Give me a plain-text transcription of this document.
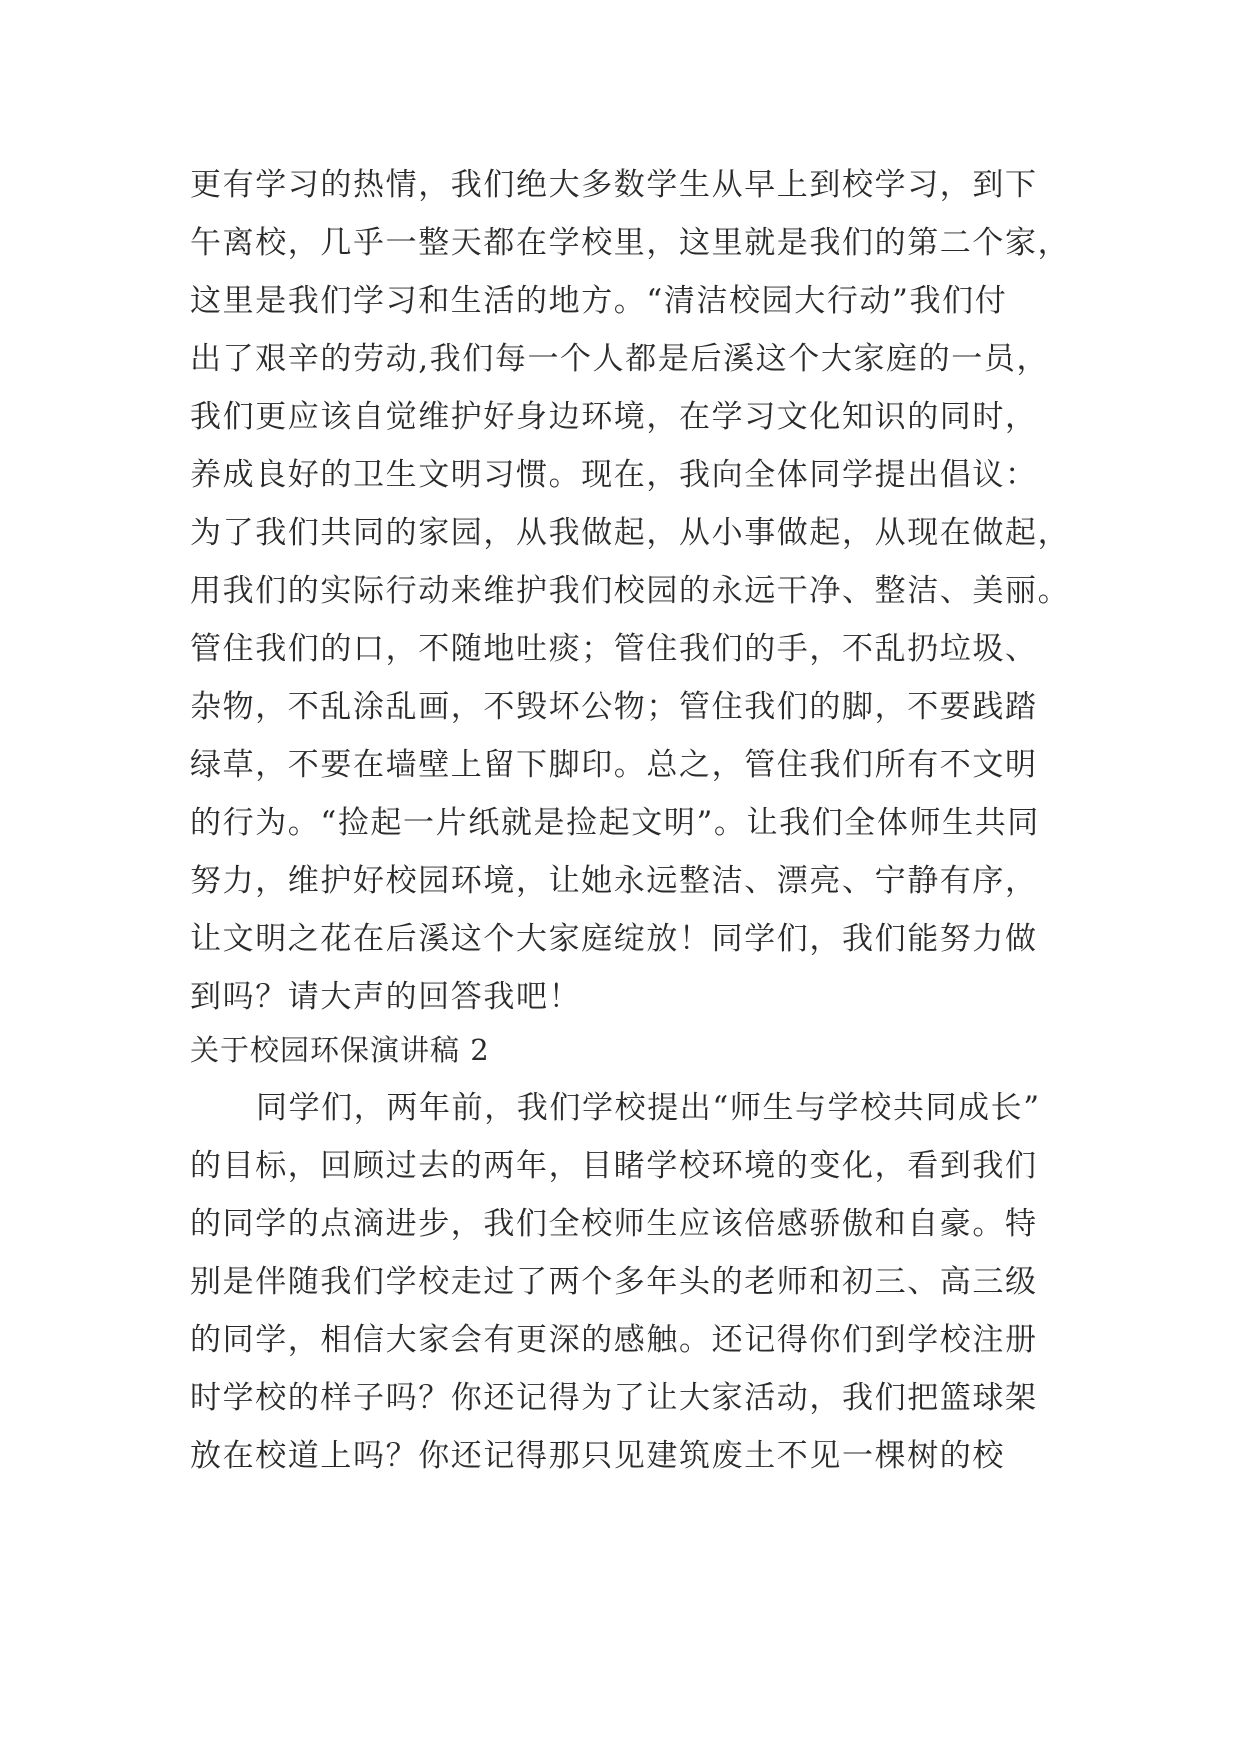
更有学习的热情，我们绝大多数学生从早上到校学习，到下
午离校，几乎一整天都在学校里，这里就是我们的第二个家，
这里是我们学习和生活的地方。“清洁校园大行动”我们付
出了艰辛的劳动,我们每一个人都是后溪这个大家庭的一员，
我们更应该自觉维护好身边环境，在学习文化知识的同时，
养成良好的卫生文明习惯。现在，我向全体同学提出倡议：
为了我们共同的家园，从我做起，从小事做起，从现在做起，
用我们的实际行动来维护我们校园的永远干净、整洁、美丽。
管住我们的口，不随地吐痰；管住我们的手，不乱扔垃圾、
杂物，不乱涂乱画，不毁坏公物；管住我们的脚，不要践踏
绿草，不要在墙壁上留下脚印。总之，管住我们所有不文明
的行为。“捡起一片纸就是捡起文明”。让我们全体师生共同
努力，维护好校园环境，让她永远整洁、漂亮、宁静有序，
让文明之花在后溪这个大家庭绽放！同学们，我们能努力做
到吗？请大声的回答我吧！
关于校园环保演讲稿 2
同学们，两年前，我们学校提出“师生与学校共同成长”
的目标，回顾过去的两年，目睹学校环境的变化，看到我们
的同学的点滴进步，我们全校师生应该倍感骄傲和自豪。特
别是伴随我们学校走过了两个多年头的老师和初三、高三级
的同学，相信大家会有更深的感触。还记得你们到学校注册
时学校的样子吗？你还记得为了让大家活动，我们把篮球架
放在校道上吗？你还记得那只见建筑废土不见一棵树的校
